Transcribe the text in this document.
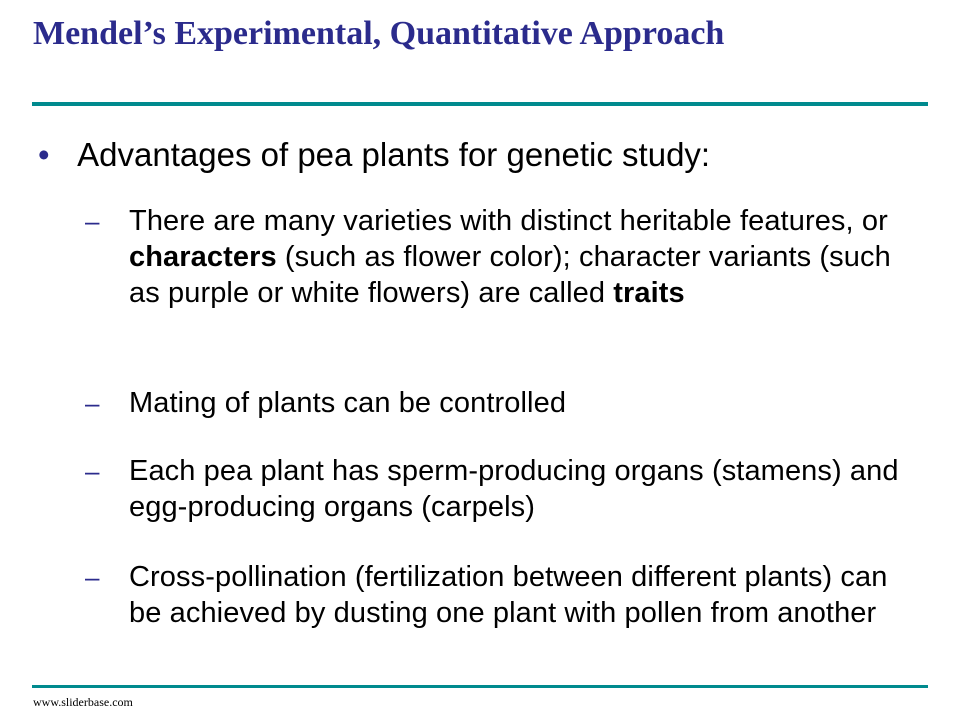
Mendel’s Experimental, Quantitative Approach
• Advantages of pea plants for genetic study:
–	There are many varieties with distinct heritable features, or characters (such as flower color); character variants (such as purple or white flowers) are called traits
–	Mating of plants can be controlled
–	Each pea plant has sperm-producing organs (stamens) and egg-producing organs (carpels)
–	Cross-pollination (fertilization between different plants) can be achieved by dusting one plant with pollen from another
www.sliderbase.com
